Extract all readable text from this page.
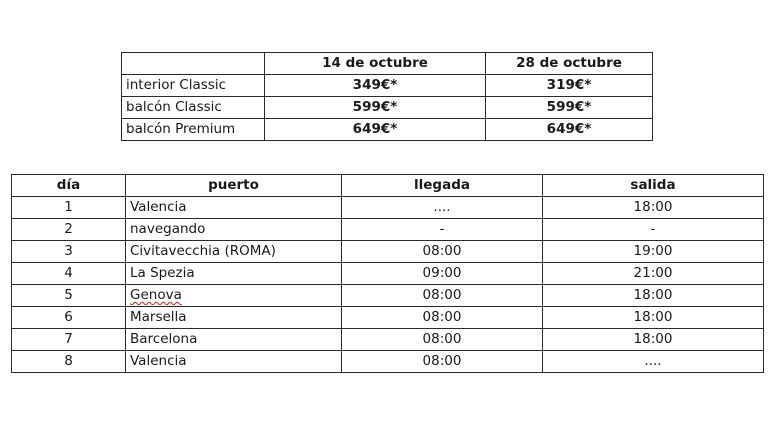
	14 de octubre	28 de octubre
interior Classic	349€*	319€*
balcón Classic	599€*	599€*
balcón Premium	649€*	649€*
día	puerto	llegada	salida
1	Valencia	....	18:00
2	navegando	-	-
3	Civitavecchia (ROMA)	08:00	19:00
4	La Spezia	09:00	21:00
5	Genova	08:00	18:00
6	Marsella	08:00	18:00
7	Barcelona	08:00	18:00
8	Valencia	08:00	....
